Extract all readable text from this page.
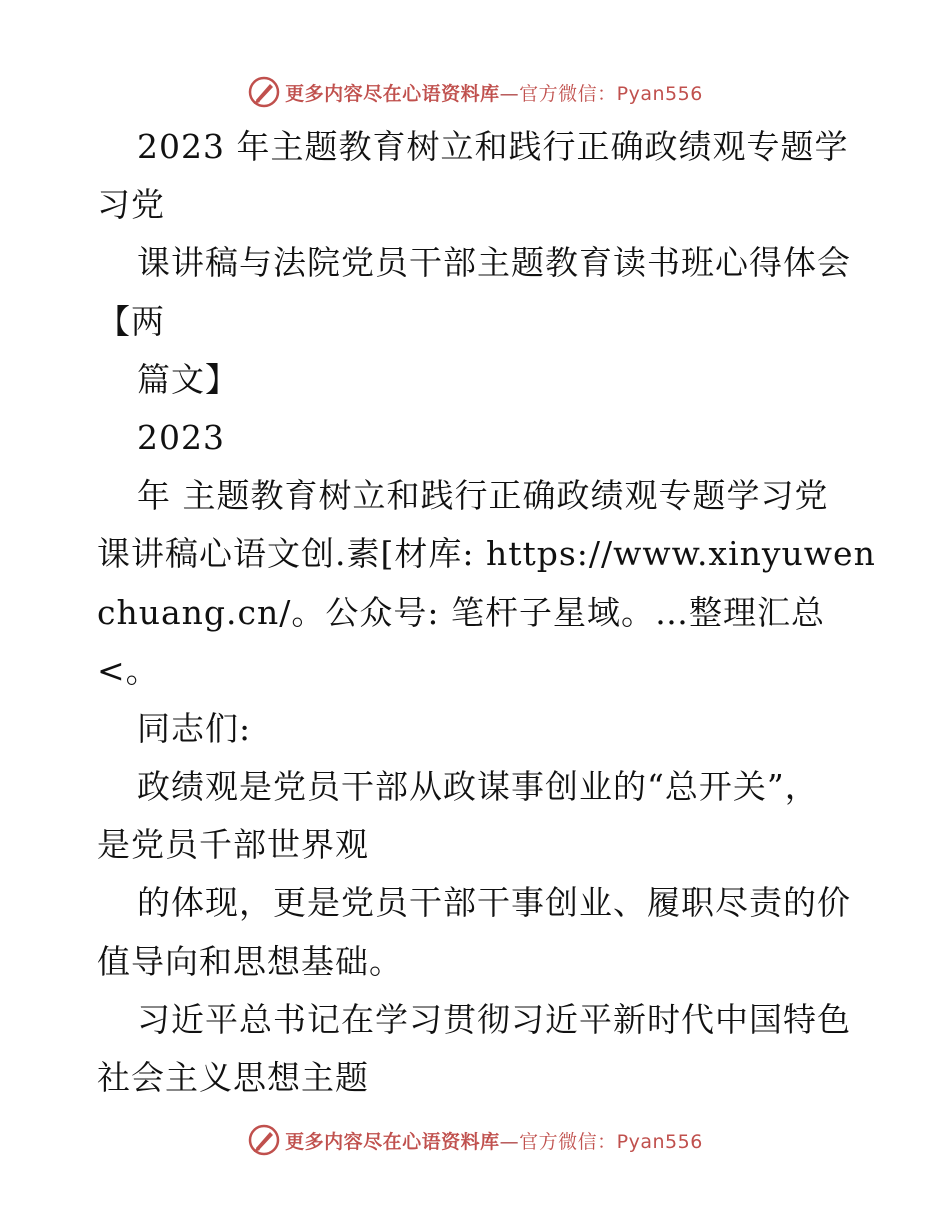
更多内容尽在心语资料库—官方微信：Pyan556
2023 年主题教育树立和践行正确政绩观专题学
习党
课讲稿与法院党员干部主题教育读书班心得体会
【两
篇文】
2023
年 主题教育树立和践行正确政绩观专题学习党
课讲稿心语文创.素[材库: https://www.xinyuwen
chuang.cn/。公众号: 笔杆子星域。…整理汇总
<。
同志们:
政绩观是党员干部从政谋事创业的“总开关”，
是党员千部世界观
的体现，更是党员干部干事创业、履职尽责的价
值导向和思想基础。
习近平总书记在学习贯彻习近平新时代中国特色
社会主义思想主题
更多内容尽在心语资料库—官方微信：Pyan556
